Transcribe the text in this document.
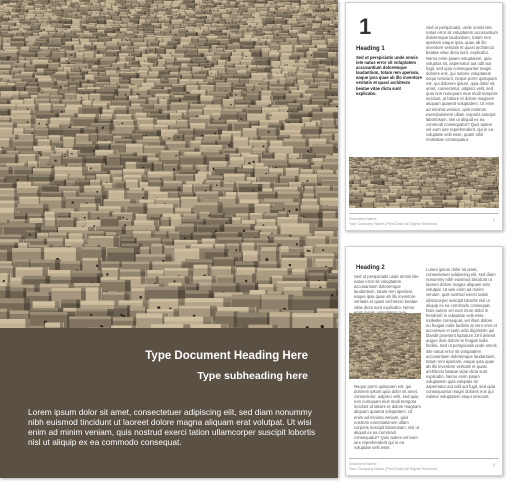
Type Document Heading Here
Type subheading here
Lorem ipsum dolor sit amet, consectetuer adipiscing elit, sed diam nonummy nibh euismod tincidunt ut laoreet dolore magna aliquam erat volutpat. Ut wisi enim ad minim veniam, quis nostrud exerci tation ullamcorper suscipit lobortis nisl ut aliquip ex ea commodo consequat.
1
Heading 1
Sed ut perspiciatis unde omnis iste natus error sit voluptatem accusantium doloremque laudantium, totam rem aperiam, eaque ipsa quae ab illo inventore veritatis et quasi architecto beatae vitae dicta sunt explicabo.
Sed ut perspiciatis, unde omnis iste natus error sit voluptatem accusantium doloremque laudantium, totam rem aperiam eaque ipsa, quae ab illo inventore veritatis et quasi architecto beatae vitae dicta sunt, explicabo. Nemo enim ipsam voluptatem, quia voluptas sit, aspernatur aut odit aut fugit, sed quia consequuntur magni dolores eos, qui ratione voluptatem sequi nesciunt, neque porro quisquam est, qui dolorem ipsum, quia dolor sit, amet, consectetur, adipisci velit, sed quia non numquam eius modi tempora incidunt, ut labore et dolore magnam aliquam quaerat voluptatem. Ut enim ad minima veniam, quis nostrum exercitationem ullam corporis suscipit laboriosam, nisi ut aliquid ex ea commodi consequatur? Quis autem vel eum iure reprehenderit, qui in ea voluptate velit esse, quam nihil molestiae consequatur.
Document Name
Your Company Name (Print Date) All Rights Reserved
2
Heading 2
Sed ut perspiciatis unde omnis iste natus error sit voluptatem accusantium doloremque laudantium, totam rem aperiam, eaque ipsa quae ab illo inventore veritatis et quasi architecto beatae vitae dicta sunt explicabo. Nemo
Neque porro quisquam est, qui dolorem ipsum quia dolor sit amet, consectetur, adipisci velit, sed quia non numquam eius modi tempora incidunt ut labore et dolore magnam aliquam quaerat voluptatem. Ut enim ad minima veniam, quis nostrum exercitationem ullam corporis suscipit laboriosam, nisi ut aliquid ex ea commodi consequatur? Quis autem vel eum iure reprehenderit qui in ea voluptate velit esse.
Lorem ipsum dolor sit amet, consectetuer adipiscing elit, sed diam nonummy nibh euismod tincidunt ut laoreet dolore magna aliquam erat volutpat. Ut wisi enim ad minim veniam, quis nostrud exerci tation ullamcorper suscipit lobortis nisl ut aliquip ex ea commodo consequat. Duis autem vel eum iriure dolor in hendrerit in vulputate velit esse molestie consequat, vel illum dolore eu feugiat nulla facilisis at vero eros et accumsan et iusto odio dignissim qui blandit praesent luptatum zzril delenit augue duis dolore te feugait nulla facilisi. Sed ut perspiciatis unde omnis iste natus error sit voluptatem accusantium doloremque laudantium, totam rem aperiam, eaque ipsa quae ab illo inventore veritatis et quasi architecto beatae vitae dicta sunt explicabo. Nemo enim ipsam voluptatem quia voluptas sit aspernatur aut odit aut fugit, sed quia consequuntur magni dolores eos qui ratione voluptatem sequi nesciunt.
Document Name
Your Company Name (Print Date) All Rights Reserved
3
